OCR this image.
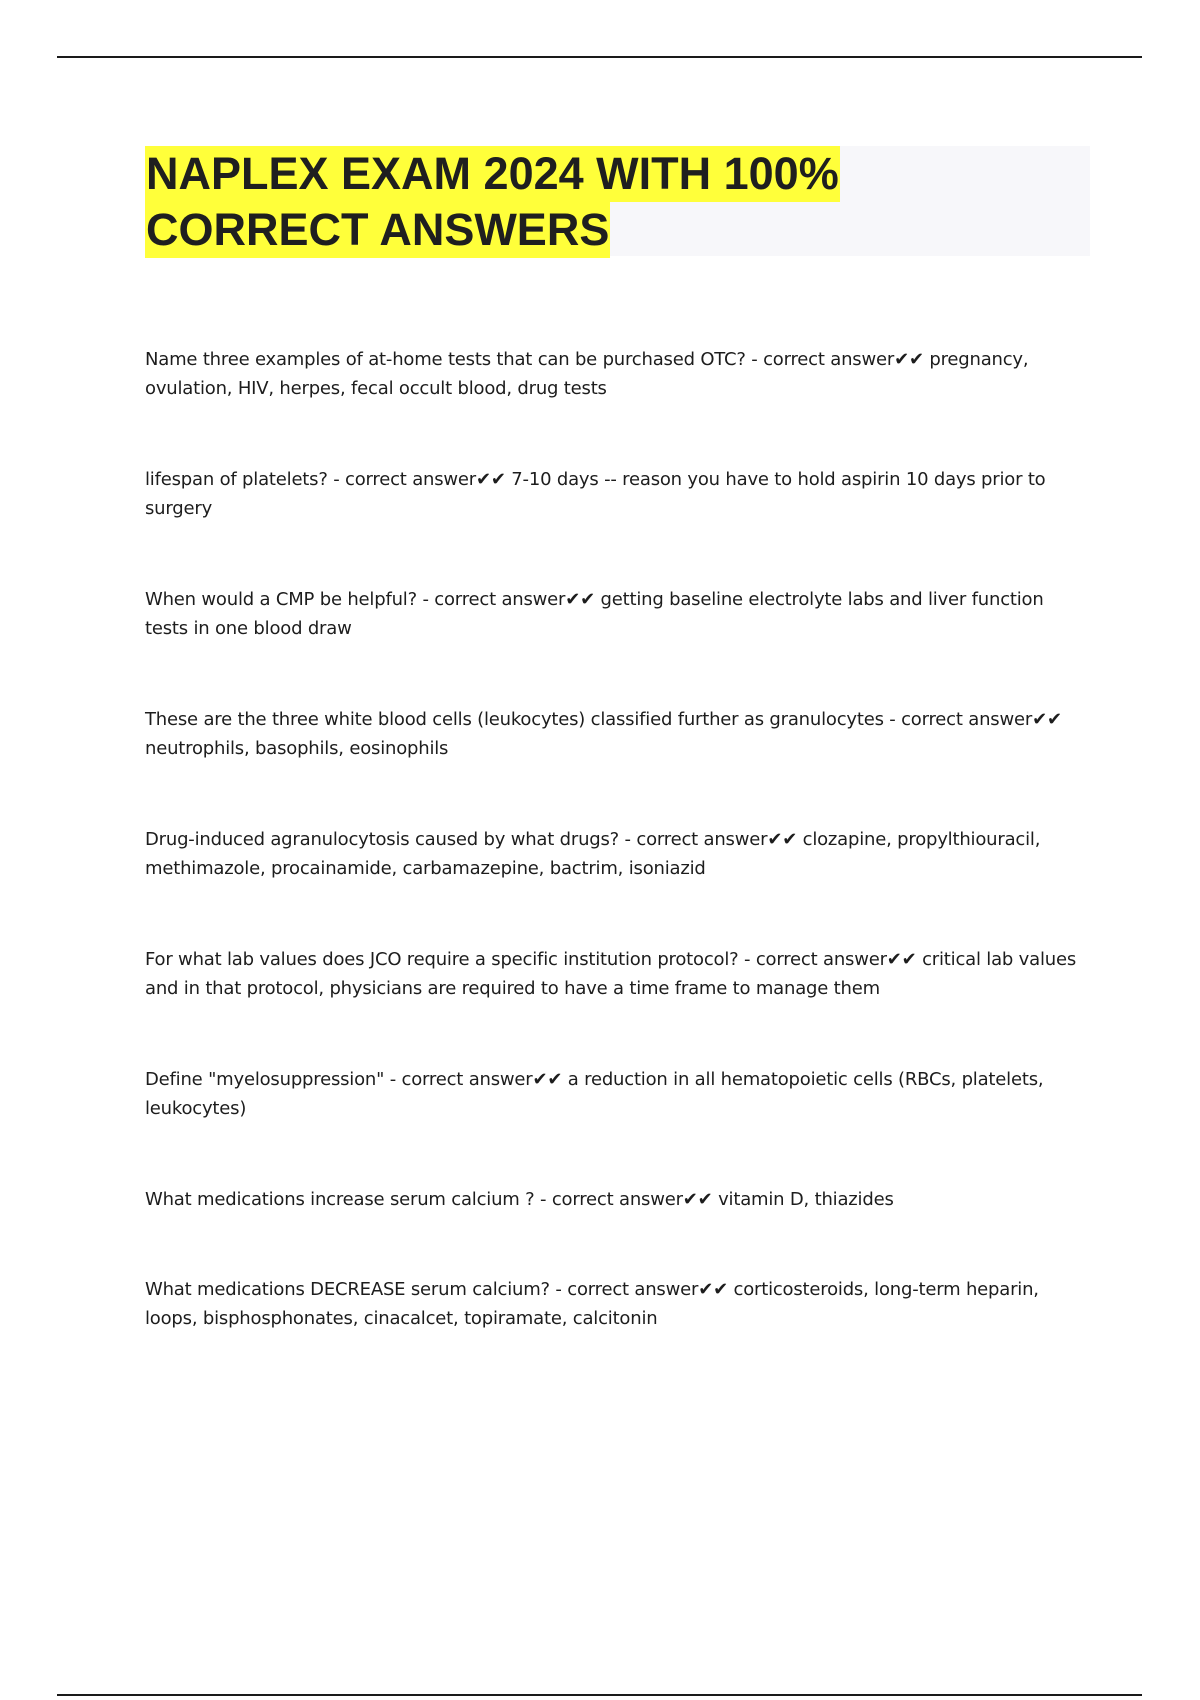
NAPLEX EXAM 2024 WITH 100%
CORRECT ANSWERS
Name three examples of at-home tests that can be purchased OTC? - correct answer✔✔ pregnancy, ovulation, HIV, herpes, fecal occult blood, drug tests
lifespan of platelets? - correct answer✔✔ 7-10 days -- reason you have to hold aspirin 10 days prior to surgery
When would a CMP be helpful? - correct answer✔✔ getting baseline electrolyte labs and liver function tests in one blood draw
These are the three white blood cells (leukocytes) classified further as granulocytes - correct answer✔✔ neutrophils, basophils, eosinophils
Drug-induced agranulocytosis caused by what drugs? - correct answer✔✔ clozapine, propylthiouracil, methimazole, procainamide, carbamazepine, bactrim, isoniazid
For what lab values does JCO require a specific institution protocol? - correct answer✔✔ critical lab values and in that protocol, physicians are required to have a time frame to manage them
Define "myelosuppression" - correct answer✔✔ a reduction in all hematopoietic cells (RBCs, platelets, leukocytes)
What medications increase serum calcium ? - correct answer✔✔ vitamin D, thiazides
What medications DECREASE serum calcium? - correct answer✔✔ corticosteroids, long-term heparin, loops, bisphosphonates, cinacalcet, topiramate, calcitonin
